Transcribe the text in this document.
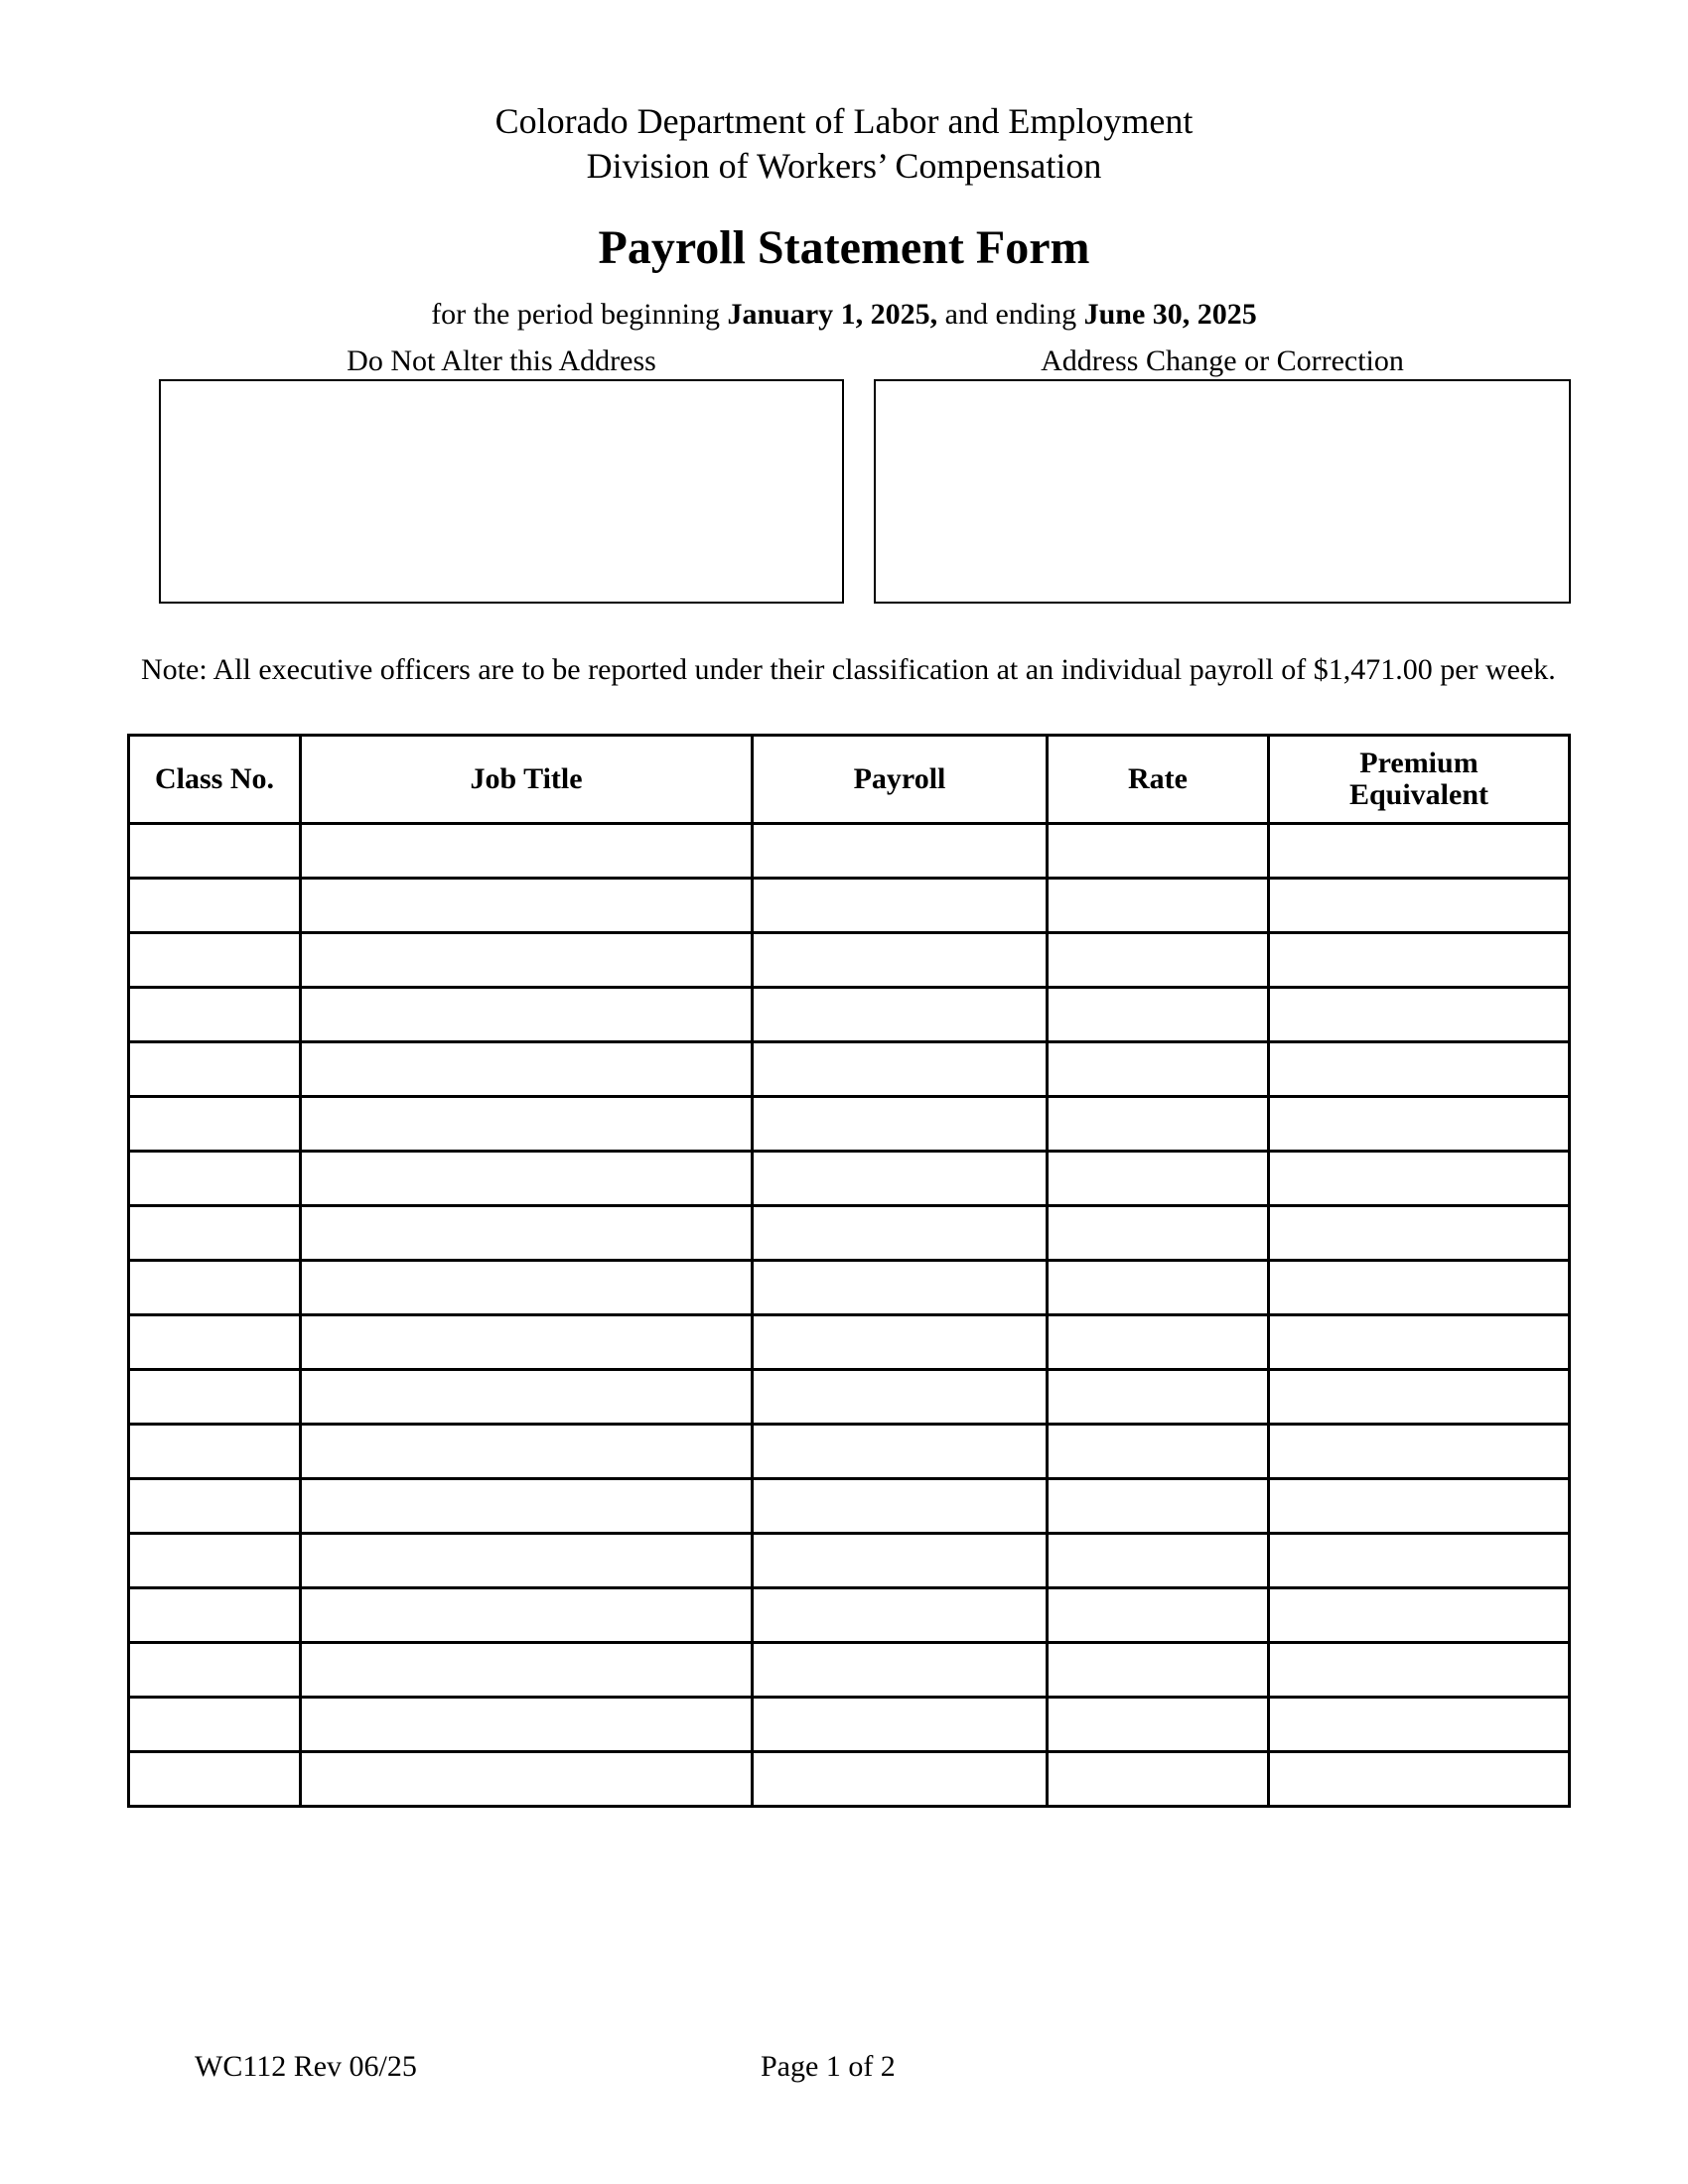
Colorado Department of Labor and Employment
Division of Workers’ Compensation
Payroll Statement Form
for the period beginning January 1, 2025, and ending June 30, 2025
Do Not Alter this Address	Address Change or Correction
Note: All executive officers are to be reported under their classification at an individual payroll of $1,471.00 per week.
Class No.	Job Title	Payroll	Rate	Premium
Equivalent

WC112 Rev 06/25	Page 1 of 2
